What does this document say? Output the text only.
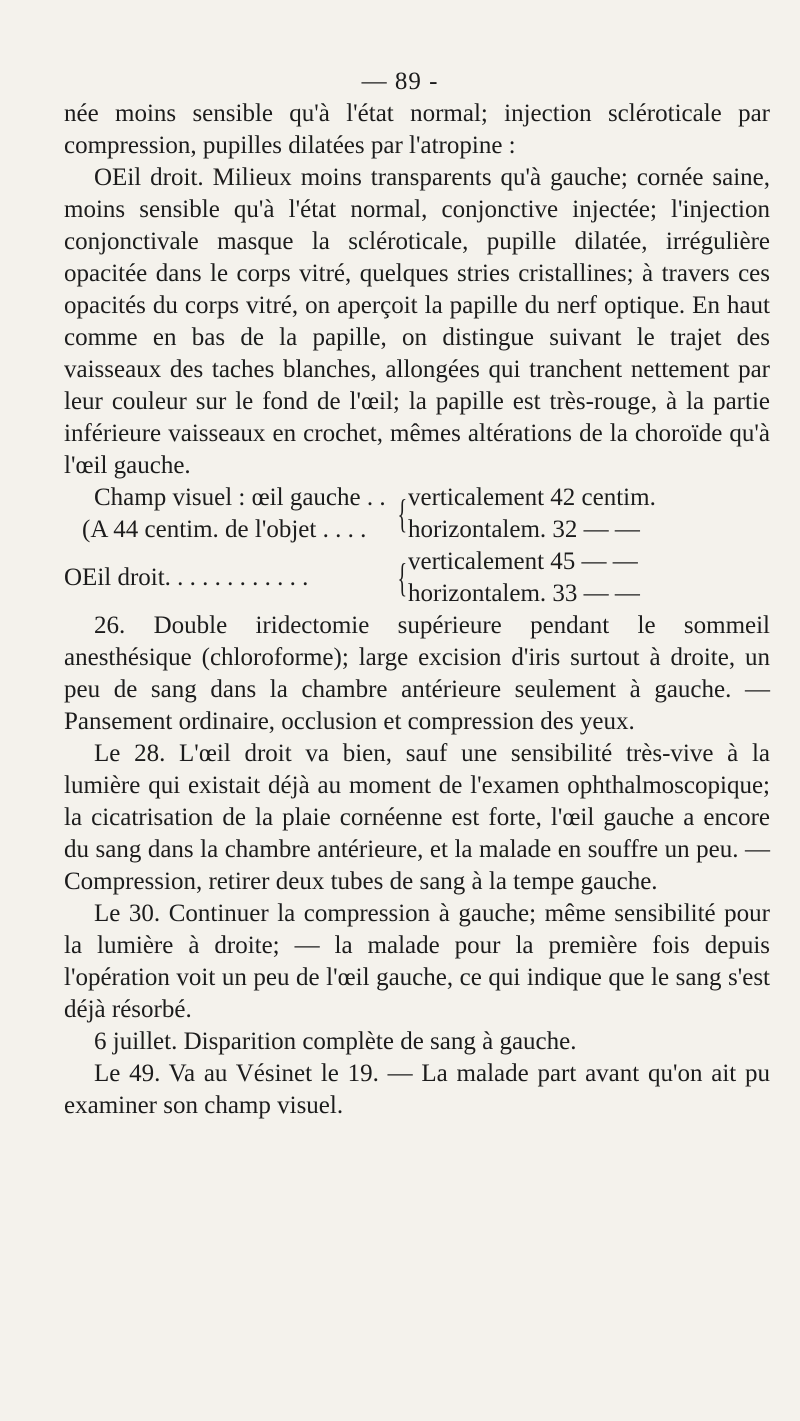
— 89 -

née moins sensible qu'à l'état normal; injection scléroticale par compression, pupilles dilatées par l'atropine :

OEil droit. Milieux moins transparents qu'à gauche; cornée saine, moins sensible qu'à l'état normal, conjonctive injectée; l'injection conjonctivale masque la scléroticale, pupille dilatée, irrégulière opacitée dans le corps vitré, quelques stries cristallines; à travers ces opacités du corps vitré, on aperçoit la papille du nerf optique. En haut comme en bas de la papille, on distingue suivant le trajet des vaisseaux des taches blanches, allongées qui tranchent nettement par leur couleur sur le fond de l'œil; la papille est très-rouge, à la partie inférieure vaisseaux en crochet, mêmes altérations de la choroïde qu'à l'œil gauche.

Champ visuel : œil gauche . .
(A 44 centim. de l'objet . . . . { verticalement 42 centim.
horizontalem. 32 — —
OEil droit. . . . . . . . . . . .	{ verticalement 45 — —
horizontalem. 33 — —

26. Double iridectomie supérieure pendant le sommeil anesthésique (chloroforme); large excision d'iris surtout à droite, un peu de sang dans la chambre antérieure seulement à gauche. — Pansement ordinaire, occlusion et compression des yeux.

Le 28. L'œil droit va bien, sauf une sensibilité très-vive à la lumière qui existait déjà au moment de l'examen ophthalmoscopique; la cicatrisation de la plaie cornéenne est forte, l'œil gauche a encore du sang dans la chambre antérieure, et la malade en souffre un peu. — Compression, retirer deux tubes de sang à la tempe gauche.

Le 30. Continuer la compression à gauche; même sensibilité pour la lumière à droite; — la malade pour la première fois depuis l'opération voit un peu de l'œil gauche, ce qui indique que le sang s'est déjà résorbé.

6 juillet. Disparition complète de sang à gauche.

Le 49. Va au Vésinet le 19. — La malade part avant qu'on ait pu examiner son champ visuel.
